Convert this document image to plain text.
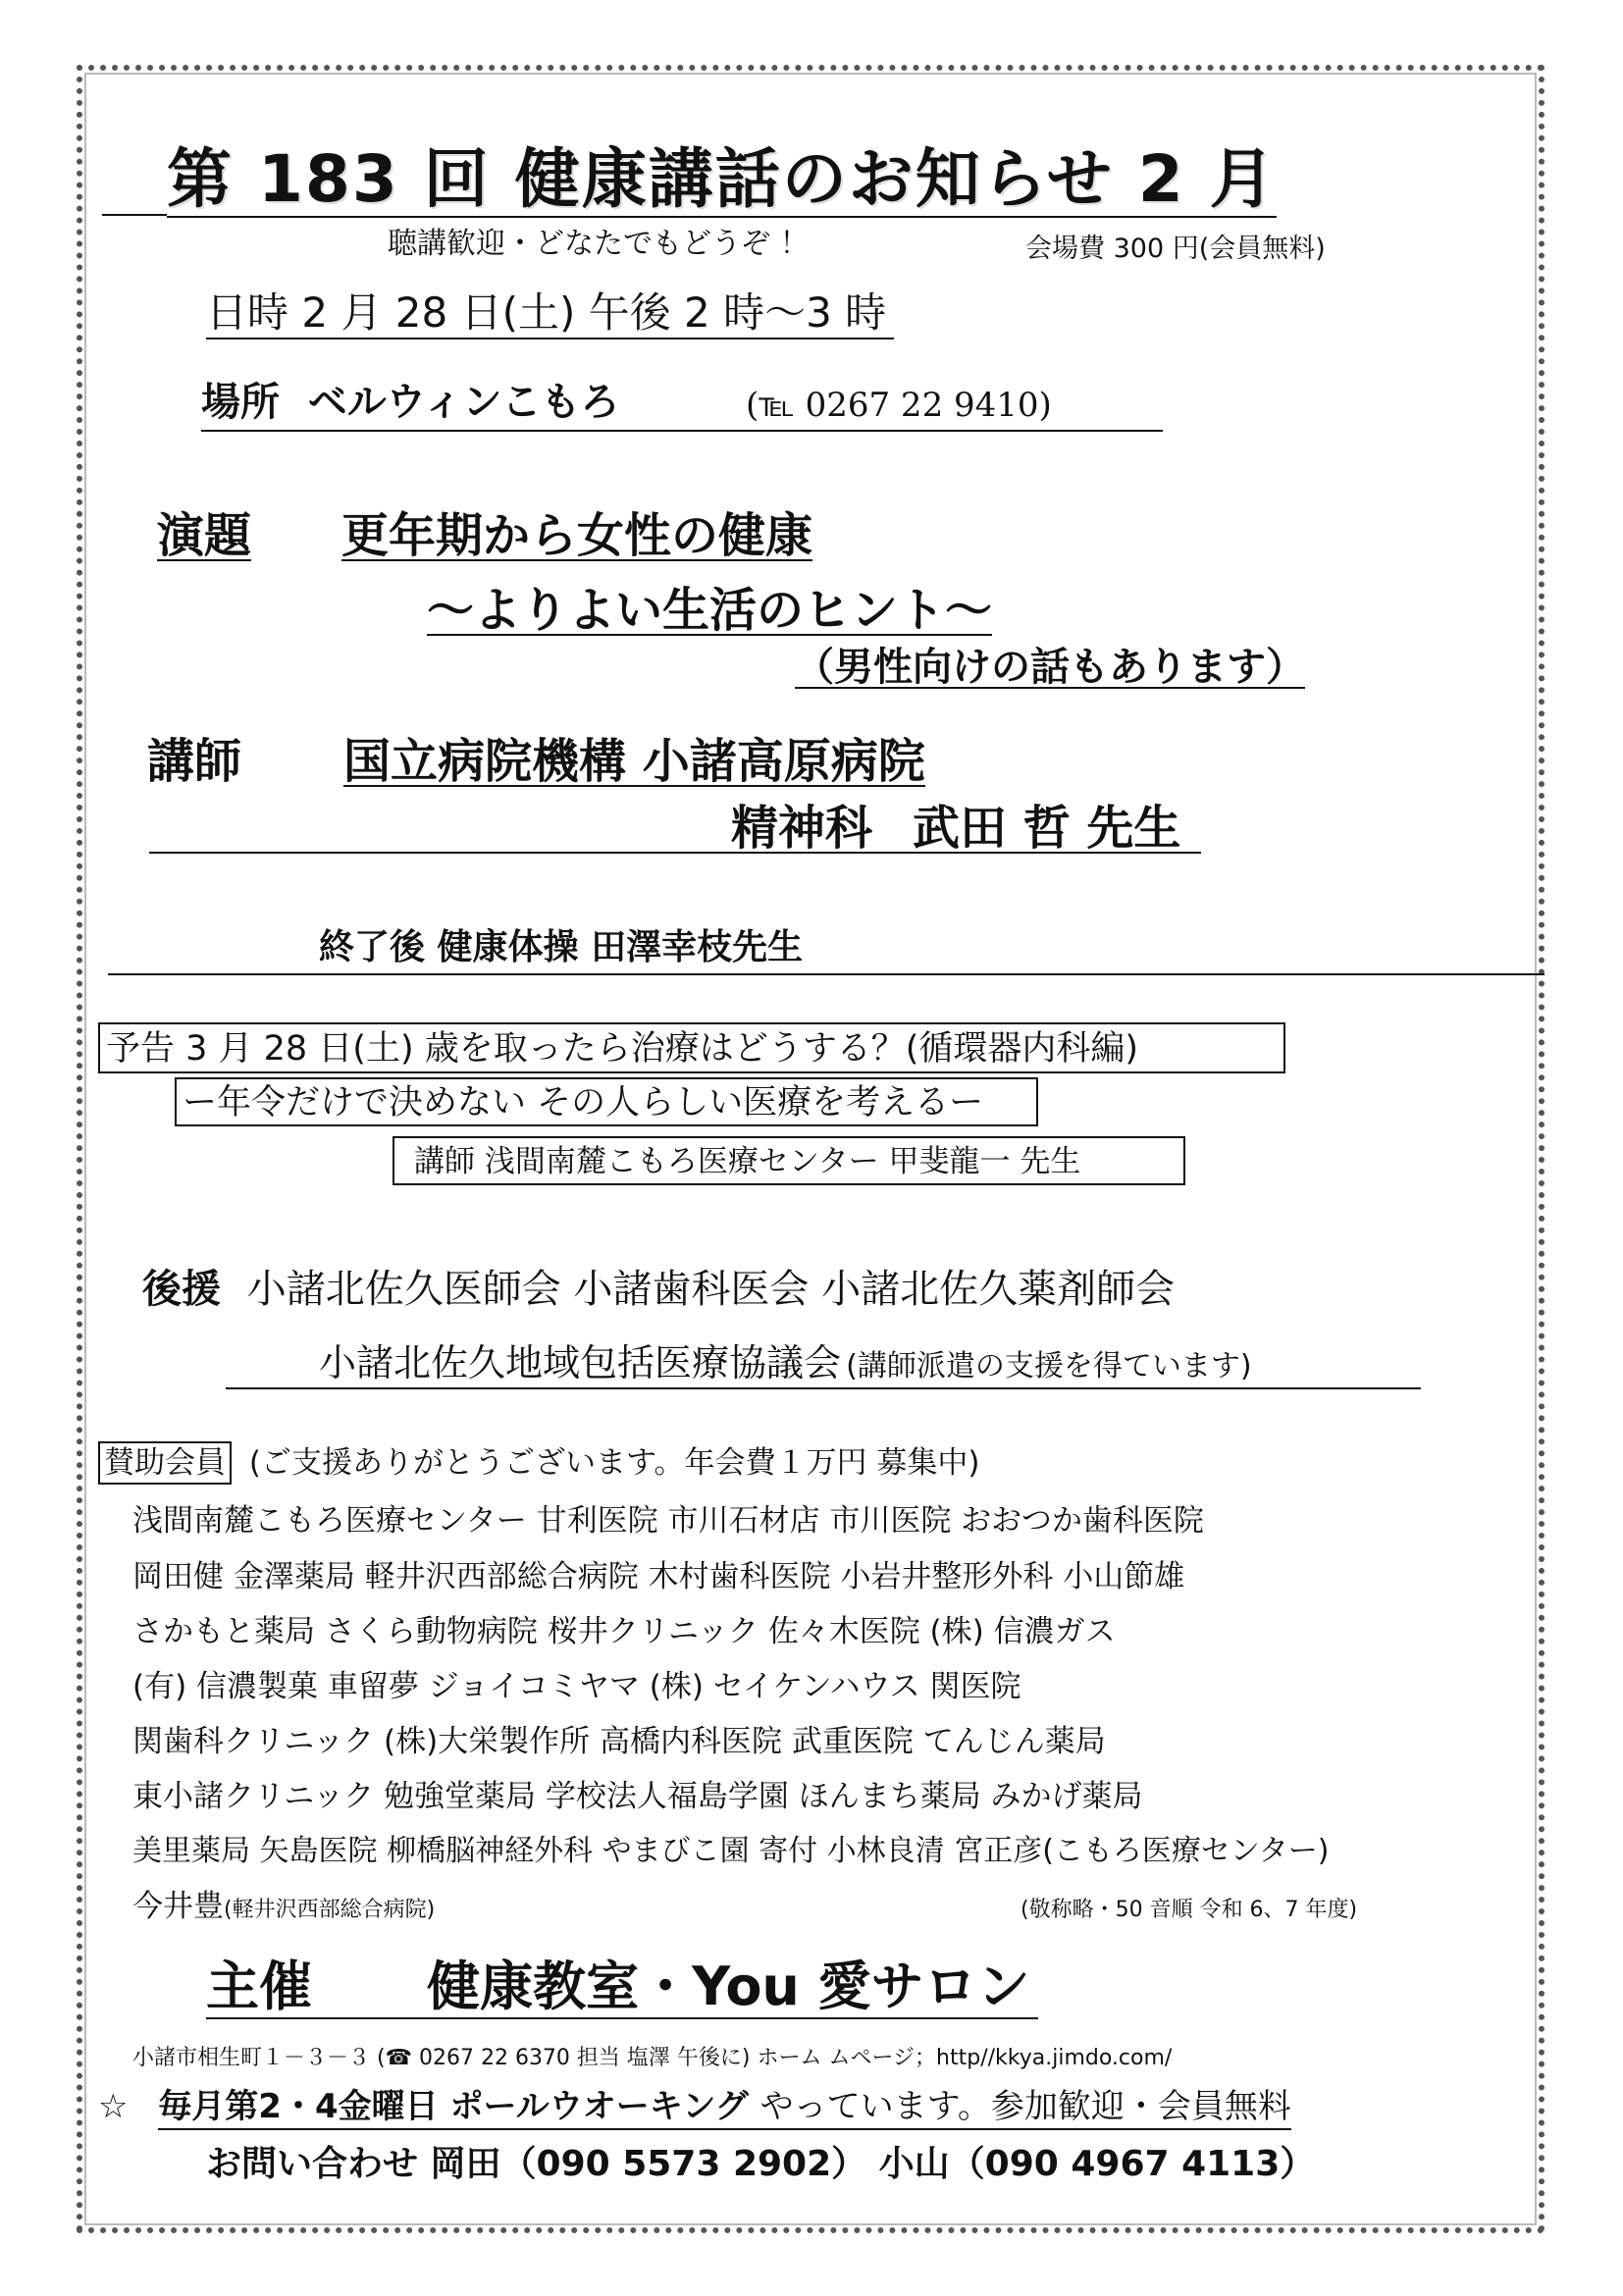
第 183 回 健康講話のお知らせ 2 月
聴講歓迎・どなたでもどうぞ ！	会場費 300 円(会員無料)
日時 2 月 28 日(土) 午後 2 時～3 時
場所 ベルウィンこもろ	(℡ 0267 22 9410)
演題 更年期から女性の健康
～よりよい生活のヒント～
（男性向けの話もあります）
講師 国立病院機構 小諸高原病院
精神科 武田 哲 先生
終了後 健康体操 田澤幸枝先生
予告 3 月 28 日(土) 歳を取ったら治療はどうする？(循環器内科編)
ー年令だけで決めない その人らしい医療を考えるー
講師 浅間南麓こもろ医療センター 甲斐龍一 先生
後援 小諸北佐久医師会 小諸歯科医会 小諸北佐久薬剤師会
小諸北佐久地域包括医療協議会 (講師派遣の支援を得ています)
賛助会員 (ご支援ありがとうございます。年会費１万円 募集中)
浅間南麓こもろ医療センター 甘利医院 市川石材店 市川医院 おおつか歯科医院
岡田健 金澤薬局 軽井沢西部総合病院 木村歯科医院 小岩井整形外科 小山節雄
さかもと薬局 さくら動物病院 桜井クリニック 佐々木医院 (株) 信濃ガス
(有) 信濃製菓 車留夢 ジョイコミヤマ (株) セイケンハウス 関医院
関歯科クリニック (株)大栄製作所 高橋内科医院 武重医院 てんじん薬局
東小諸クリニック 勉強堂薬局 学校法人福島学園 ほんまち薬局 みかげ薬局
美里薬局 矢島医院 柳橋脳神経外科 やまびこ園 寄付 小林良清 宮正彦(こもろ医療センター)
今井豊(軽井沢西部総合病院)	(敬称略・50 音順 令和 6、7 年度)
主催 健康教室・You 愛サロン
小諸市相生町１－３－３ (☎ 0267 22 6370 担当 塩澤 午後に) ホーム ムページ；http//kkya.jimdo.com/
☆ 毎月第2・4金曜日 ポールウオーキング やっています。参加歓迎・会員無料
お問い合わせ 岡田（090 5573 2902） 小山（090 4967 4113）
